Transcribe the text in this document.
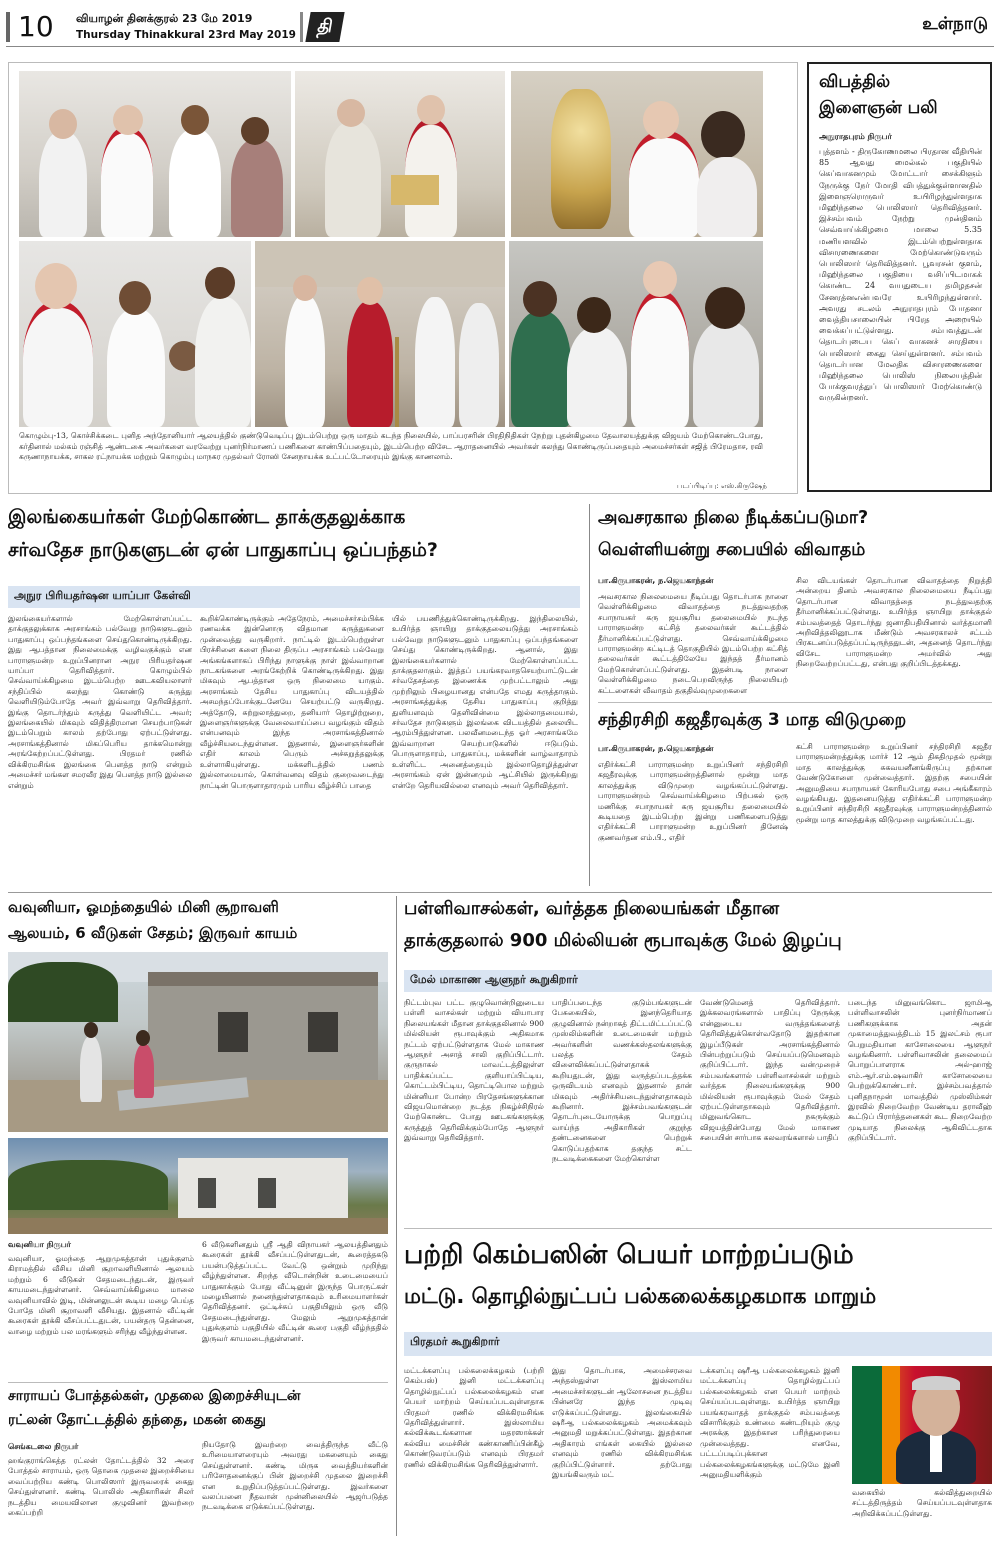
10 வியாழன் தினக்குரல் 23 மே 2019
Thursday Thinakkural 23rd May 2019	தி	உள்நாடு
கொழும்பு-13, கொச்சிக்கடை புனித அந்தோனியார் ஆலயத்தில் குண்டுவெடிப்பு இடம்பெற்று ஒரு மாதம் கடந்த நிலையில், பாப்பரசரின் பிரதிநிதிகள் நேற்று புதன்கிழமை தேவாலயத்துக்கு விஜயம் மேற்கொண்டபோது, கர்தினால் மல்கம் ரஞ்சித் ஆண்டகை அவர்களை வரவேற்று புனர்நிர்மாணப் பணிகளை காண்பிப்பதையும், இடம்பெற்ற விசேட ஆராதனையில் அவர்கள் கலந்து கொண்டிருப்பதையும் அமைச்சர்கள் சஜித் பிரேமதாச, ரவி கருணாநாயக்க, சாகல ரட்நாயக்க மற்றும் கொழும்பு மாநகர முதல்வர் ரோஸி சேனநாயக்க உட்பட்டோரையும் இங்கு காணலாம்.
படப்பிடிப்பு: எஸ்.கிருஷேந்
விபத்தில்
இளைஞன் பலி
அநுராதபுரம் நிருபர்
புத்தளம் - திருகோணமலை பிரதான வீதியின் 85 ஆவது மைல்கல் பகுதியில் கெப்வாகனமும் மோட்டார் சைக்கிளும் நேருக்கு நேர் மோதி விபத்துக்குள்ளானதில் இளைஞரொருவர் உயிரிழந்துள்ளதாக மிஹிந்தலை பொலிஸார் தெரிவித்தனர். இச்சம்பவம் நேற்று முன்தினம் செவ்வாய்க்கிழமை மாலை 5.35 மணியளவில் இடம்பெற்றுள்ளதாக விசாரணைகளை மேற்கொண்டுவரும் பொலிஸார் தெரிவித்தனர். பூவரசன் குளம், மிஹிந்தலை பகுதியை வசிப்பிடமாகக் கொண்ட 24 வயதுடைய தமிழதசன் சேனரத்னஎன்பவரே உயிரிழந்துள்ளார். அவரது சடலம் அநுராதபுரம் போதனா வைத்தியசாலையின் பிரேத அறையில் வைக்கப்பட்டுள்ளது. சம்பவத்துடன் தொடர்புடைய கெப் வாகனச் சாரதியை பொலிஸார் கைது செய்துள்ளனர். சம்பவம் தொடர்பான மேலதிக விசாரணைகளை மிஹிந்தலை பொலிஸ் நிலையத்தின் போக்குவரத்துப் பொலிஸார் மேற்கொண்டு வருகின்றனர்.
இலங்கையர்கள் மேற்கொண்ட தாக்குதலுக்காக
சர்வதேச நாடுகளுடன் ஏன் பாதுகாப்பு ஒப்பந்தம்?
அநுர பிரியதர்ஷன யாப்பா கேள்வி
இலங்கையர்களால் மேற்கொள்ளப்பட்ட தாக்குதலுக்காக அரசாங்கம் பல்வேறு நாடுகளுடனும் பாதுகாப்பு ஒப்பந்தங்களை செய்துகொண்டிருக்கிறது. இது ஆபத்தான நிலைமைக்கு வழிவகுக்கும் என பாராளுமன்ற உறுப்பினரான அநுர பிரியதர்ஷன யாப்பா தெரிவித்தார். கொழும்பில் செவ்வாய்க்கிழமை இடம்பெற்ற ஊடகவியலாளர் சந்திப்பில் கலந்து கொண்டு கருத்து வெளியிடும்போதே அவர் இவ்வாறு தெரிவித்தார். இங்கு தொடர்ந்தும் கருத்து வெளியிட்ட அவர்; இலங்கையில் மிகவும் விதித்திரமான செயற்பாடுகள் இடம்பெறும் காலம் தற்போது ஏற்பட்டுள்ளது. அரசாங்கத்தினால் மிகப்பெரிய தாக்கமொன்று அரங்கேற்றப்பட்டுள்ளது. பிரதமர் ரணில் விக்கிரமசிங்க இலங்கை பௌத்த நாடு என்றும் அமைச்சர் மங்கள சமரவீர இது பௌத்த நாடு இல்லை என்றும்
கூறிக்கொண்டிருக்கும் அதேநேரம், அமைச்சர்சம்பிக்க ரணவக்க இன்னொரு விதமான கருத்துகளை முன்வைத்து வருகிறார். நாட்டில் இடம்பெற்றுள்ள பிரச்சினை களை நிலை திருப்ப அரசாங்கம் பல்வேறு அங்கங்களாகப் பிரிந்து நாளுக்கு நாள் இவ்வாறான நாடகங்களை அரங்கேற்றிக் கொண்டிருக்கிறது. இது மிகவும் ஆபத்தான ஒரு நிலைமை யாகும். அரசாங்கம் தேசிய பாதுகாப்பு விடயத்தில் அசமந்தப்போக்குடனேயே செயற்பட்டு வருகிறது. அத்தோடு, சுற்றுலாத்துறை, தனியார் தொழிற்றுறை, இளைஞர்களுக்கு வேலைவாய்ப்பை வழங்கும் விதம் என்பனவும் இந்த அரசாங்கத்தினால் வீழ்ச்சியடைந்துள்ளன. இதனால், இளைஞர்களின் எதிர் காலம் பெரும் அச்சுறுத்தலுக்கு உள்ளாகியுள்ளது. மக்களிடத்தில் பணம் இல்லாமையால், கொள்வனவு விதம் குறைவடைந்து நாட்டின் பொருளாதாரமும் பாரிய வீழ்ச்சிப் பாதை
யில் பயணித்துக்கொண்டிருக்கிறது. இந்திலையில், உயிர்த்த ஞாயிறு தாக்குதலையடுத்து அரசாங்கம் பல்வேறு நாடுகளுடனும் பாதுகாப்பு ஒப்பந்தங்களை செய்து கொண்டிருக்கிறது. ஆனால், இது இலங்கையர்களால் மேற்கொள்ளப்பட்ட தாக்குதலாகும். இத்தப் பயங்கரவாதசெயற்பாட்டுடன் சர்வதேசத்தை இணைக்க முற்பட்டாலும் அது முற்றிலும் பிழையானது என்பதே எமது கருத்தாகும். அரசாங்கத்துக்கு தேசிய பாதுகாப்பு குறித்து துளியளவும் தெளிவின்மை இல்லாதமையால், சர்வதேச நாடுகளும் இலங்கை விடயத்தில் தலையிட ஆரம்பித்துள்ளன. பலவீனமடைந்த ஓர் அரசாங்கமே இவ்வாறான செயற்பாடுகளில் ஈடுபடும். பொருளாதாரம், பாதுகாப்பு, மக்களின் வாழ்வாதாரம் உள்ளிட்ட அனைத்தையும் இல்லாதொழித்துள்ள அரசாங்கம் ஏன் இன்னமும் ஆட்சியில் இருக்கிறது என்றே தெரியவில்லை எனவும் அவர் தெரிவித்தார்.
அவசரகால நிலை நீடிக்கப்படுமா?
வெள்ளியன்று சபையில் விவாதம்
பா.கிருபாகரன், ந.ஜெயகாந்தன்
அவசரகால நிலைமையை நீடிப்பது தொடர்பாக நாளை வெள்ளிக்கிழமை விவாதத்தை நடத்துவதற்கு சபாநாயகர் கரு ஜயசூரிய தலைமையில் நடந்த பாராளுமன்ற கட்சித் தலைவர்கள் கூட்டத்தில் தீர்மானிக்கப்பட்டுள்ளது. செவ்வாய்க்கிழமை பாராளுமன்ற கட்டிடத் தொகுதியில் இடம்பெற்ற கட்சித் தலைவர்கள் கூட்டத்திலேயே இந்தத் தீர்மானம் மேற்கொள்ளப்பட்டுள்ளது. இதன்படி நாளை வெள்ளிக்கிழமை நடைபெறவிருந்த நிலையியற் கட்டளைகள் வீவாதம் தகுதிவ்வுமுறைகளை
சில விடயங்கள் தொடர்பான விவாதத்தை நிறுத்தி அன்றைய தினம் அவசரகால நிலைமையை நீடிப்பது தொடர்பான விவாதத்தை நடத்துவதற்கு தீர்மானிக்கப்பட்டுள்ளது. உயிர்த்த ஞாயிறு தாக்குதல் சம்பவத்தைத் தொடர்ந்து ஜனாதிபதியினால் வர்த்தமானி அறிவித்தலினூடாக மீண்டும் அவசரகாலச் சட்டம் பிரகடனப்படுத்தப்பட்டிருந்ததுடன், அதனைத் தொடர்ந்து விசேட பாராளுமன்ற அமர்வில் அது நிறைவேற்றப்பட்டது, என்பது குறிப்பிடத்தக்கது.
சந்திரசிறி கஜதீரவுக்கு 3 மாத விடுமுறை
பா.கிருபாகரன், ந.ஜெயகாந்தன்
எதிர்க்கட்சி பாராளுமன்ற உறுப்பினர் சந்திரசிறி கஜதீரவுக்கு பாராளுமன்றத்தினால் மூன்று மாத காலத்துக்கு விடுமுறை வழங்கப்பட்டுள்ளது. பாராளுமன்றம் செவ்வாய்க்கிழமை பிற்பகல் ஒரு மணிக்கு சபாநாயகர் கரு ஜயசூரிய தலைமையில் கூடியதை இடம்பெற்ற இன்று பணிகளைபடுத்து எதிர்க்கட்சி பாராளுமன்ற உறுப்பினர் தினேஷ் குணவர்தன எம்.பி., எதிர்
கட்சி பாராளுமன்ற உறுப்பினர் சந்திரசிறி கஜதீர பாராளுமன்றத்துக்கு மார்ச் 12 ஆம் திகதிமுதல் மூன்று மாத காலத்துக்கு சுகவயனீனங்கிருப்பு தற்கான வேண்டுகோளை முன்வைத்தார். இதற்கு சபையின் அனுமதியை சபாநாயகர் கோரியபோது சபை அங்கீகாரம் வழங்கியது. இதனையடுத்து எதிர்க்கட்சி பாராளுமன்ற உறுப்பினர் சந்திரசிறி கஜதீரவுக்கு பாராளுமன்றத்தினால் மூன்று மாத காலத்துக்கு விடுமுறை வழங்கப்பட்டது.
வவுனியா, ஓமந்தையில் மினி சூறாவளி
ஆலயம், 6 வீடுகள் சேதம்; இருவர் காயம்
வவுனியா நிருபர்
வவுனியா, ஓமந்தை ஆறுமுகத்தான் புதுக்குளம் கிராமத்தில் வீசிய மினி சூறாவளியினால் ஆலயம் மற்றும் 6 வீடுகள் சேதமடைந்துடன், இருவர் காயமடைந்துள்ளனர். செவ்வாய்க்கிழமை மாலை வவுனியாவில் இடி, மின்னலுடன் கூடிய மழை பெய்த போதே மினி சூறாவளி வீசியது. இதனால் வீட்டின் கூரைகள் தூக்கி வீசப்பட்டதுடன், பயன்தரு தென்னை, வாழை மற்றும் பல மரங்களும் சரிந்து வீழ்ந்துள்ளன.
6 வீடுகளினதும் ஸ்ரீ ஆதி விநாயகர் ஆலயத்தினதும் கூரைகள் தூக்கி வீசப்பட்டுள்ளதுடன், கூரைத்தகடு பயன்படுத்தப்பட்ட வேட்டு ஒன்றும் முறிந்து வீழ்ந்துள்ளன. சிறந்த வீடொன்றின் உடைமையைப் பாதுகாக்கும் போது வீட்டினுள் இருந்த பொருட்கள் மழையினால் நனைந்துள்ளதாகவும் உரிமையாளர்கள் தெரிவித்தனர். ஒட்டிச்சுப் பகுதியிலும் ஒரு வீடு சேதமடைந்துள்ளது. மேலும் ஆறுமுகத்தான் புதுக்குளம் பகுதியில் வீட்டின் கூரை பகுதி வீழ்ந்ததில் இருவர் காயமடைந்துள்ளனர்.
பள்ளிவாசல்கள், வர்த்தக நிலையங்கள் மீதான
தாக்குதலால் 900 மில்லியன் ரூபாவுக்கு மேல் இழப்பு
மேல் மாகாண ஆளுநர் கூறுகிறார்
நிட்டம்புவ பட்ட குழுவொன்றினுடைய பள்ளி வாசல்கள் மற்றும் வியாபார நிலையங்கள் மீதான தாக்குதலினால் 900 மில்லியன் ரூபாவுக்கும் அதிகமாக நட்டம் ஏற்பட்டுள்ளதாக மேல் மாகாண ஆளுநர் அசாத் சாலி குறிப்பிட்டார். குருநாகல் மாவட்டத்திலுள்ள பாதிக்கப்பட்ட குளியாப்பிட்டிய, கொட்டம்பிட்டிய, தொட்டிபொல மற்றும் மின்னியா போன்ற பிரதேசங்களுக்கான விஜயமொன்றை நடத்த நிகழ்ச்சிநிரல் மேற்கொண்ட போது ஊடகங்களுக்கு கருத்துத் தெரிவிக்கும்போதே ஆளுநர் இவ்வாறு தெரிவித்தார்.
பாதிப்படைந்த குடும்பங்களுடன் பேசுகையில், இனந்தெரியாத குழுவினால் நன்றாகத் திட்டமிட்டப்பட்டு முஸ்லிம்களின் உடைமைகள் மற்றும் அவர்களின் வணக்கஸ்தலங்களுக்கு பலத்த சேதம் விளைவிக்கப்பட்டுள்ளதாகக் கூறியதுடன், இது வருத்தப்படத்தக்க ஒருவிடயம் எனவும் இதனால் தான் மிகவும் அதிர்ச்சியடைந்துள்ளதாகவும் கூறினார். இச்சம்பவங்களுடன் தொடர்புடையோருக்கு பொறுப்பு வாய்ந்த அதிகாரிகள் குறுந்த தண்டனைகளை பெற்றுக் கொடுப்பதற்காக தகுந்த சட்ட நடவடிக்கைகளை மேற்கொள்ள
வேண்டுமெனத் தெரிவித்தார். இக்கலவரங்களால் பாதிப்பு நேருக்கு என்னுடைய வருத்தங்களைத் தெரிவித்துக்கொள்வதோடு இதற்கான இழப்பீடுகள் அரசாங்கத்தினால் பின்பற்றுப்படும் செய்யப்படுமெனவும் குறிப்பிட்டார். இந்த வன்முறைச் சம்பவங்களால் பள்ளிவாசல்கள் மற்றும் வர்த்தக நிலையங்களுக்கு 900 மில்லியன் ரூபாவுக்கும் மேல் சேதம் ஏற்பட்டுள்ளதாகவும் தெரிவித்தார். மினுவங்கொட நகருக்கும் விஜயத்தின்போது மேல் மாகாண சபையின் சார்பாக கலவரங்களால் பாதிப்
படைந்த மினுவங்கொட ஜாமிஆ பள்ளிவாசலின் புனர்நிர்மாணப் பணிகளுக்காக அதன் முகாமைத்துவத்திடம் 15 இலட்சம் ரூபா பெறுமதியான காசோலையை ஆளுநர் வழங்கினார். பள்ளிவாசலின் தலைமைப் பொறுப்பாளராக அல்-ஹாஜ் எம்.ஆர்.எம்.ஷவாகிர் காசோலையை பெற்றுக்கொண்டார். இச்சம்பவத்தால் புனிதநாமூன் மாவத்தில் முஸ்லிம்கள் இரவில் நிறைவேற்ற வேண்டிய தராவீஹ் கூட்டுப் பிரார்த்தனைகள் கூட நிறைவேற்ற முடியாத நிலைக்கு ஆகிவிட்டதாக குறிப்பிட்டார்.
பற்றி கெம்பஸின் பெயர் மாற்றப்படும்
மட்டு. தொழில்நுட்பப் பல்கலைக்கழகமாக மாறும்
பிரதமர் கூறுகிறார்
மட்டக்களப்பு பல்கலைக்கழகம் (பற்றி கெம்பஸ்) இனி மட்டக்களப்பு தொழில்நுட்பப் பல்கலைக்கழகம் என பெயர் மாற்றம் செய்யப்படவுள்ளதாக பிரதமர் ரணில் விக்கிரமசிங்க தெரிவித்துள்ளார். இஸ்லாமிய கல்விக்கூடங்களான மதரஸாக்கள் கல்விய மைச்சின் கண்காணிப்பின்கீழ் கொண்டுவரப்படும் எனவும் பிரதமர் ரணில் விக்கிரமசிங்க தெரிவித்துள்ளார்.
இது தொடர்பாக, அமைச்சரவை அந்தஸ்துள்ள இஸ்லாமிய அமைச்சர்களுடன் ஆலோசனை நடத்திய பின்னரே இந்த முடிவு எடுக்கப்பட்டுள்ளது. இலங்கையில் ஷரீஆ பல்கலைக்கழகம் அமைக்கவும் அனுமதி மறுக்கப்பட்டுள்ளது. இதற்கான அதிகாரம் எங்கள் கையில் இல்லை எனவும் ரணில் விக்கிரமசிங்க குறிப்பிட்டுள்ளார். தற்போது இயங்கிவரும் மட்
டக்களப்பு ஷரீஆ பல்கலைக்கழகம் இனி மட்டக்களப்பு தொழில்நுட்பப் பல்கலைக்கழகம் என பெயர் மாற்றம் செய்யப்படவுள்ளது. உயிர்த்த ஞாயிறு பயங்கரவாதத் தாக்குதல் சம்பவத்தை விசாரிக்கும் உண்மை கண்டறியும் குழு அரசுக்கு இதற்கான பரிந்துரையை முன்வைத்தது. எனவே, பட்டப்படிப்புக்கான பல்கலைக்கழகங்களுக்கு மட்டுமே இனி அனுமதியளிக்கும்
வகையில் கல்வித்துறையில் சட்டத்திருத்தம் செய்யப்படவுள்ளதாக அறிவிக்கப்பட்டுள்ளது.
சாராயப் போத்தல்கள், முதலை இறைச்சியுடன்
ரட்லன் தோட்டத்தில் தந்தை, மகன் கைது
செங்கடலை நிருபர்
ஹங்குராங்கெத்த ரட்லன் தோட்டத்தில் 32 அரை போத்தல் சாராயம், ஒரு தொகை முதலை இறைச்சியை வைப்பற்றிய கண்டி பொலிஸார் இருவரைக் கைது செய்துள்ளனர். கண்டி பொலிஸ் அதிகாரிகள் சிலர் நடத்திய மையவிலான குழுவினர் இவற்றை கைப்பற்றி
நியதோடு இவற்றை வைத்திருந்த வீட்டு உரிமையாளரையும் அவரது மகனையும் கைது செய்துள்ளனர். கண்டி மிருக வைத்தியர்களின் பரிசோதனைக்குப் பின் இறைச்சி முதலை இறைச்சி என உறுதிப்படுத்தப்பட்டுள்ளது. இவர்களை வலப்பனை நீதவான் முன்னிலையில் ஆஜர்படுத்த நடவடிக்கை எடுக்கப்பட்டுள்ளது.
